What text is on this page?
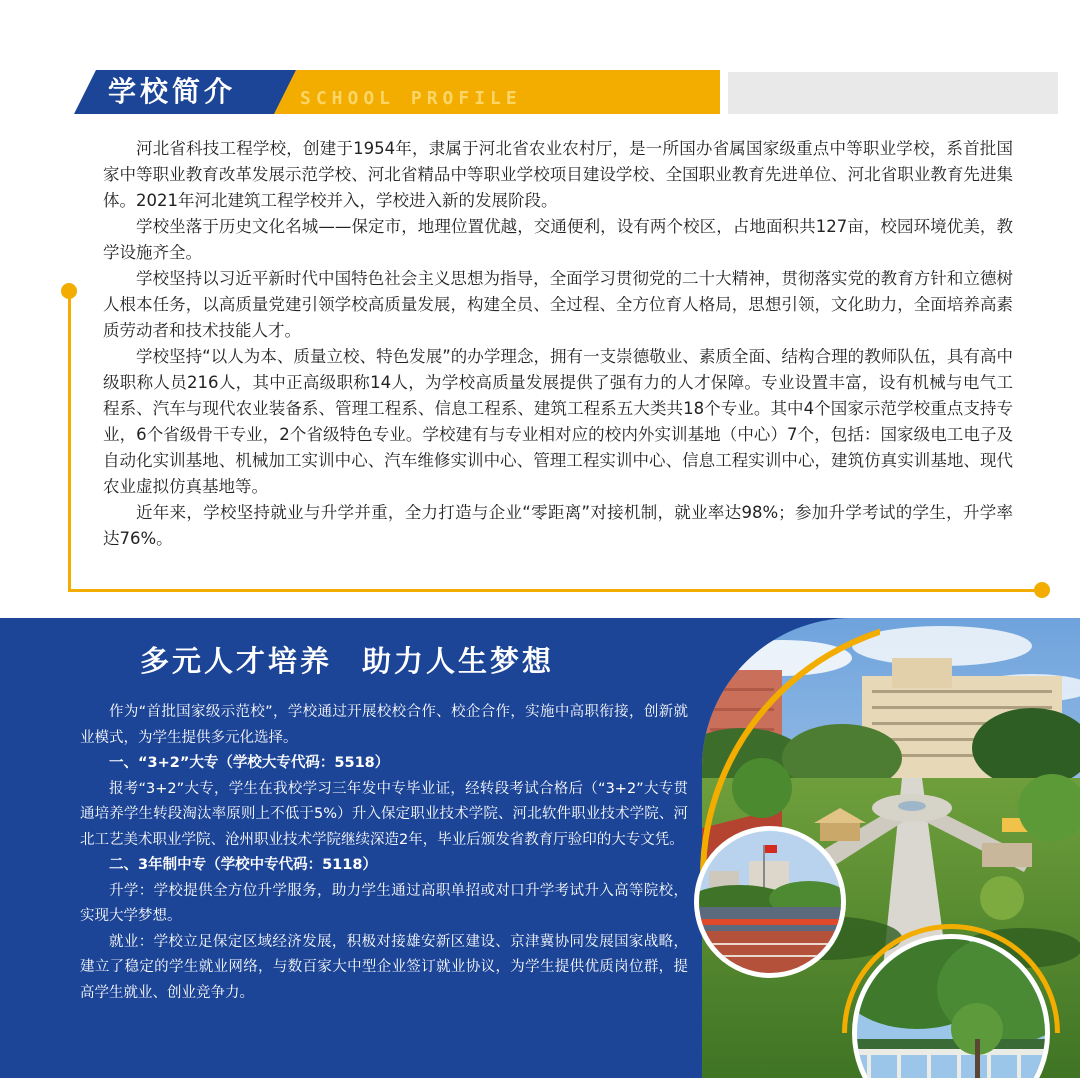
学校简介	SCHOOL PROFILE

河北省科技工程学校，创建于1954年，隶属于河北省农业农村厅，是一所国办省属国家级重点中等职业学校，系首批国家中等职业教育改革发展示范学校、河北省精品中等职业学校项目建设学校、全国职业教育先进单位、河北省职业教育先进集体。2021年河北建筑工程学校并入，学校进入新的发展阶段。

学校坐落于历史文化名城——保定市，地理位置优越，交通便利，设有两个校区，占地面积共127亩，校园环境优美，教学设施齐全。

学校坚持以习近平新时代中国特色社会主义思想为指导，全面学习贯彻党的二十大精神，贯彻落实党的教育方针和立德树人根本任务，以高质量党建引领学校高质量发展，构建全员、全过程、全方位育人格局，思想引领，文化助力，全面培养高素质劳动者和技术技能人才。

学校坚持“以人为本、质量立校、特色发展”的办学理念，拥有一支崇德敬业、素质全面、结构合理的教师队伍，具有高中级职称人员216人，其中正高级职称14人，为学校高质量发展提供了强有力的人才保障。专业设置丰富，设有机械与电气工程系、汽车与现代农业装备系、管理工程系、信息工程系、建筑工程系五大类共18个专业。其中4个国家示范学校重点支持专业，6个省级骨干专业，2个省级特色专业。学校建有与专业相对应的校内外实训基地（中心）7个，包括：国家级电工电子及自动化实训基地、机械加工实训中心、汽车维修实训中心、管理工程实训中心、信息工程实训中心，建筑仿真实训基地、现代农业虚拟仿真基地等。

近年来，学校坚持就业与升学并重，全力打造与企业“零距离”对接机制，就业率达98%；参加升学考试的学生，升学率达76%。

多元人才培养 助力人生梦想

作为“首批国家级示范校”，学校通过开展校校合作、校企合作，实施中高职衔接，创新就业模式，为学生提供多元化选择。

一、“3+2”大专（学校大专代码：5518）

报考“3+2”大专，学生在我校学习三年发中专毕业证，经转段考试合格后（“3+2”大专贯通培养学生转段淘汰率原则上不低于5%）升入保定职业技术学院、河北软件职业技术学院、河北工艺美术职业学院、沧州职业技术学院继续深造2年，毕业后颁发省教育厅验印的大专文凭。

二、3年制中专（学校中专代码：5118）

升学：学校提供全方位升学服务，助力学生通过高职单招或对口升学考试升入高等院校，实现大学梦想。

就业：学校立足保定区域经济发展，积极对接雄安新区建设、京津冀协同发展国家战略，建立了稳定的学生就业网络，与数百家大中型企业签订就业协议，为学生提供优质岗位群，提高学生就业、创业竞争力。
